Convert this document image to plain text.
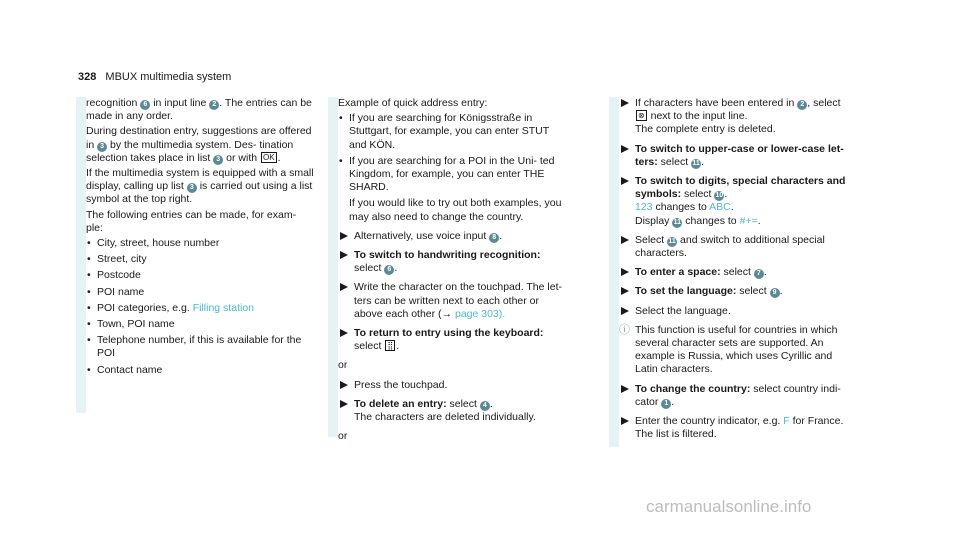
328 MBUX multimedia system

recognition 6 in input line 2 . The entries can be made in any order.

During destination entry, suggestions are offered in 3 by the multimedia system. Des- tination selection takes place in list 3 or with OK .

If the multimedia system is equipped with a small display, calling up list 3 is carried out using a list symbol at the top right.

The following entries can be made, for exam- ple:

• City, street, house number
• Street, city
• Postcode
• POI name
• POI categories, e.g. Filling station
• Town, POI name
• Telephone number, if this is available for the POI
• Contact name

Example of quick address entry:

• If you are searching for Königsstraße in Stuttgart, for example, you can enter STUT and KÖN.
• If you are searching for a POI in the Uni- ted Kingdom, for example, you can enter THE SHARD.

If you would like to try out both examples, you may also need to change the country.

Alternatively, use voice input 8 .
To switch to handwriting recognition: select 6 .
Write the character on the touchpad. The let- ters can be written next to each other or above each other (→ page 303).
To return to entry using the keyboard: select ⣿ .

or

Press the touchpad.
To delete an entry: select 4 .
The characters are deleted individually.

or

If characters have been entered in 2 , select ⊗ next to the input line.
The complete entry is deleted.
To switch to upper-case or lower-case let- ters: select 11.
To switch to digits, special characters and symbols: select 10.
123 changes to ABC.
Display 11 changes to #+=.
Select 11 and switch to additional special characters.
To enter a space: select 7 .
To set the language: select 9 .
Select the language.
ⓘ This function is useful for countries in which several character sets are supported. An example is Russia, which uses Cyrillic and Latin characters.
To change the country: select country indi- cator 1 .
Enter the country indicator, e.g. F for France.
The list is filtered.
carmanualsonline.info
